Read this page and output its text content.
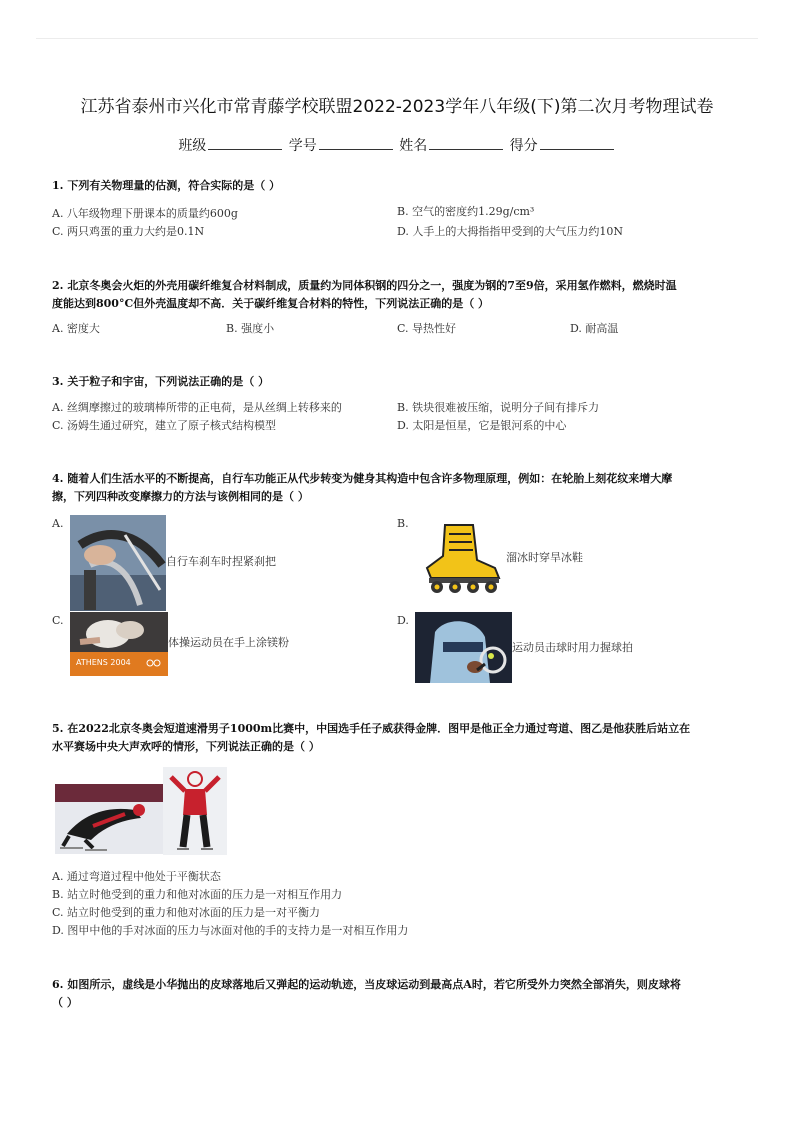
江苏省泰州市兴化市常青藤学校联盟2022-2023学年八年级(下)第二次月考物理试卷
班级	学号	姓名	得分
1. 下列有关物理量的估测，符合实际的是（ ）
A. 八年级物理下册课本的质量约600g	B. 空气的密度约1.29g/cm³
C. 两只鸡蛋的重力大约是0.1N	D. 人手上的大拇指指甲受到的大气压力约10N
2. 北京冬奥会火炬的外壳用碳纤维复合材料制成，质量约为同体积钢的四分之一，强度为钢的7至9倍，采用氢作燃料，燃烧时温
度能达到800°C但外壳温度却不高．关于碳纤维复合材料的特性，下列说法正确的是（ ）
A. 密度大	B. 强度小	C. 导热性好	D. 耐高温
3. 关于粒子和宇宙，下列说法正确的是（ ）
A. 丝绸摩擦过的玻璃棒所带的正电荷，是从丝绸上转移来的	B. 铁块很难被压缩，说明分子间有排斥力
C. 汤姆生通过研究，建立了原子核式结构模型	D. 太阳是恒星，它是银河系的中心
4. 随着人们生活水平的不断提高，自行车功能正从代步转变为健身其构造中包含许多物理原理，例如：在轮胎上刻花纹来增大摩
擦，下列四种改变摩擦力的方法与该例相同的是（ ）
A.
自行车刹车时捏紧刹把
B.
溜冰时穿旱冰鞋
C.
ATHENS 2004
体操运动员在手上涂镁粉
D.
运动员击球时用力握球拍
5. 在2022北京冬奥会短道速滑男子1000m比赛中，中国选手任子威获得金牌．图甲是他正全力通过弯道、图乙是他获胜后站立在
水平赛场中央大声欢呼的情形，下列说法正确的是（ ）
A. 通过弯道过程中他处于平衡状态
B. 站立时他受到的重力和他对冰面的压力是一对相互作用力
C. 站立时他受到的重力和他对冰面的压力是一对平衡力
D. 图甲中他的手对冰面的压力与冰面对他的手的支持力是一对相互作用力
6. 如图所示，虚线是小华抛出的皮球落地后又弹起的运动轨迹，当皮球运动到最高点A时，若它所受外力突然全部消失，则皮球将
（ ）
